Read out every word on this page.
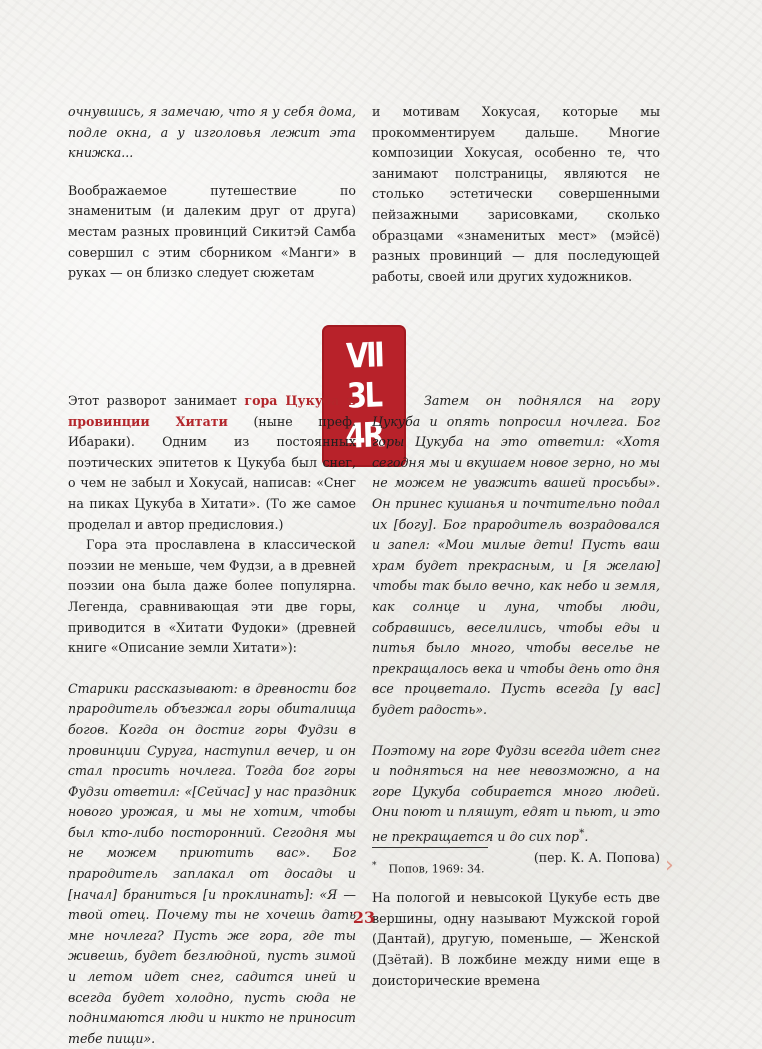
очнувшись, я замечаю, что я у себя дома, подле окна, а у изголовья лежит эта книжка...

Воображаемое путешествие по знаменитым (и далеким друг от друга) местам разных провинций Сикитэй Самба совершил с этим сборником «Манги» в руках — он близко следует сюжетам

и мотивам Хокусая, которые мы прокомментируем дальше. Многие композиции Хокусая, особенно те, что занимают полстраницы, являются не столько эстетически совершенными пейзажными зарисовками, сколько образцами «знаменитых мест» (мэйсё) разных провинций — для последующей работы, своей или других художников.

VII
3L
4R

Этот разворот занимает гора Цукуба в провинции Хитати (ныне преф. Ибараки). Одним из постоянных поэтических эпитетов к Цукуба был снег, о чем не забыл и Хокусай, написав: «Снег на пиках Цукуба в Хитати». (То же самое проделал и автор предисловия.)

Гора эта прославлена в классической поэзии не меньше, чем Фудзи, а в древней поэзии она была даже более популярна. Легенда, сравнивающая эти две горы, приводится в «Хитати Фудоки» (древней книге «Описание земли Хитати»):

Старики рассказывают: в древности бог прародитель объезжал горы обиталища богов. Когда он достиг горы Фудзи в провинции Суруга, наступил вечер, и он стал просить ночлега. Тогда бог горы Фудзи ответил: «[Сейчас] у нас праздник нового урожая, и мы не хотим, чтобы был кто-либо посторонний. Сегодня мы не можем приютить вас». Бог прародитель заплакал от досады и [начал] браниться [и проклинать]: «Я — твой отец. Почему ты не хочешь дать мне ночлега? Пусть же гора, где ты живешь, будет безлюдной, пусть зимой и летом идет снег, садится иней и всегда будет холодно, пусть сюда не поднимаются люди и никто не приносит тебе пищи».

Затем он поднялся на гору Цукуба и опять попросил ночлега. Бог горы Цукуба на это ответил: «Хотя сегодня мы и вкушаем новое зерно, но мы не можем не уважить вашей просьбы». Он принес кушанья и почтительно подал их [богу]. Бог прародитель возрадовался и запел: «Мои милые дети! Пусть ваш храм будет прекрасным, и [я желаю] чтобы так было вечно, как небо и земля, как солнце и луна, чтобы люди, собравшись, веселились, чтобы еды и питья было много, чтобы веселье не прекращалось века и чтобы день ото дня все процветало. Пусть всегда [у вас] будет радость».

Поэтому на горе Фудзи всегда идет снег и подняться на нее невозможно, а на горе Цукуба собирается много людей. Они поют и пляшут, едят и пьют, и это не прекращается и до сих пор*.

(пер. К. А. Попова)

На пологой и невысокой Цукубе есть две вершины, одну называют Мужской горой (Дантай), другую, поменьше, — Женской (Дзётай). В ложбине между ними еще в доисторические времена

* Попов, 1969: 34.
23
›
